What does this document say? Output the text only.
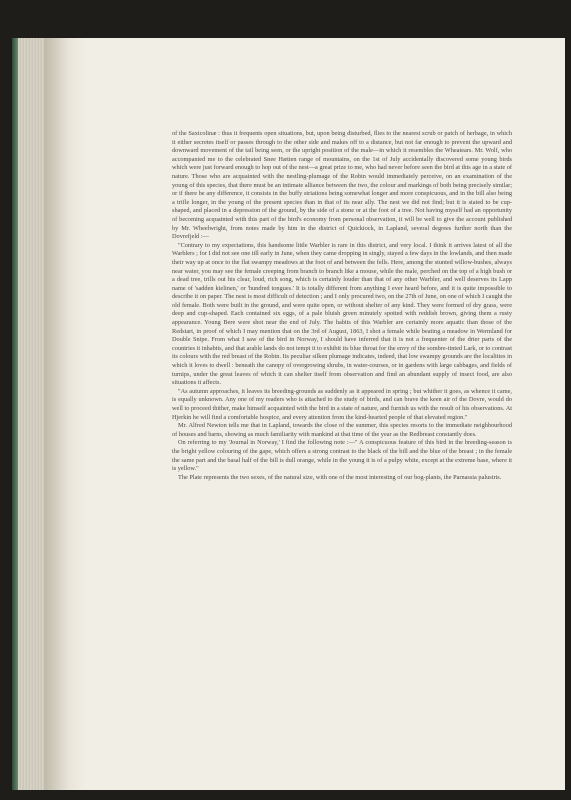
of the Saxicolinæ : thus it frequents open situations, but, upon being disturbed, flies to the nearest scrub or patch of herbage, in which it either secretes itself or passes through to the other side and makes off to a distance, but not far enough to prevent the upward and downward movement of the tail being seen, or the upright position of the male—in which it resembles the Wheatears. Mr. Wolf, who accompanied me to the celebrated Snee Hætten range of mountains, on the 1st of July accidentally discovered some young birds which were just forward enough to hop out of the nest—a great prize to me, who had never before seen the bird at this age in a state of nature. Those who are acquainted with the nestling-plumage of the Robin would immediately perceive, on an examination of the young of this species, that there must be an intimate alliance between the two, the colour and markings of both being precisely similar; or if there be any difference, it consists in the buffy striations being somewhat longer and more conspicuous, and in the bill also being a trifle longer, in the young of the present species than in that of its near ally. The nest we did not find; but it is stated to be cup-shaped, and placed in a depression of the ground, by the side of a stone or at the foot of a tree. Not having myself had an opportunity of becoming acquainted with this part of the bird's economy from personal observation, it will be well to give the account published by Mr. Wheelwright, from notes made by him in the district of Quickiock, in Lapland, several degrees further north than the Dovrefjeld :—

"Contrary to my expectations, this handsome little Warbler is rare in this district, and very local. I think it arrives latest of all the Warblers ; for I did not see one till early in June, when they came dropping in singly, stayed a few days in the lowlands, and then made their way up at once to the flat swampy meadows at the foot of and between the fells. Here, among the stunted willow-bushes, always near water, you may see the female creeping from branch to branch like a mouse, while the male, perched on the top of a high bush or a dead tree, trills out his clear, loud, rich song, which is certainly louder than that of any other Warbler, and well deserves its Lapp name of 'sadden kielinen,' or 'hundred tongues.' It is totally different from anything I ever heard before, and it is quite impossible to describe it on paper. The nest is most difficult of detection ; and I only procured two, on the 27th of June, on one of which I caught the old female. Both were built in the ground, and were quite open, or without shelter of any kind. They were formed of dry grass, were deep and cup-shaped. Each contained six eggs, of a pale bluish green minutely spotted with reddish brown, giving them a rusty appearance. Young Bere were shot near the end of July. The habits of this Warbler are certainly more aquatic than those of the Redstart, in proof of which I may mention that on the 3rd of August, 1863, I shot a female while beating a meadow in Wermland for Double Snipe. From what I saw of the bird in Norway, I should have inferred that it is not a frequenter of the drier parts of the countries it inhabits, and that arable lands do not tempt it to exhibit its blue throat for the envy of the sombre-tinted Lark, or to contrast its colours with the red breast of the Robin. Its peculiar silken plumage indicates, indeed, that low swampy grounds are the localities in which it loves to dwell : beneath the canopy of overgrowing shrubs, in water-courses, or in gardens with large cabbages, and fields of turnips, under the great leaves of which it can shelter itself from observation and find an abundant supply of insect food, are also situations it affects.

"As autumn approaches, it leaves its breeding-grounds as suddenly as it appeared in spring ; but whither it goes, as whence it came, is equally unknown. Any one of my readers who is attached to the study of birds, and can brave the keen air of the Dovre, would do well to proceed thither, make himself acquainted with the bird in a state of nature, and furnish us with the result of his observations. At Hjerkin he will find a comfortable hospice, and every attention from the kind-hearted people of that elevated region."

Mr. Alfred Newton tells me that in Lapland, towards the close of the summer, this species resorts to the immediate neighbourhood of houses and barns, showing as much familiarity with mankind at that time of the year as the Redbreast constantly does.

On referring to my 'Journal in Norway,' I find the following note :—" A conspicuous feature of this bird in the breeding-season is the bright yellow colouring of the gape, which offers a strong contrast to the black of the bill and the blue of the breast ; in the female the same part and the basal half of the bill is dull orange, while in the young it is of a pulpy white, except at the extreme base, where it is yellow."

The Plate represents the two sexes, of the natural size, with one of the most interesting of our bog-plants, the Parnassia palustris.
